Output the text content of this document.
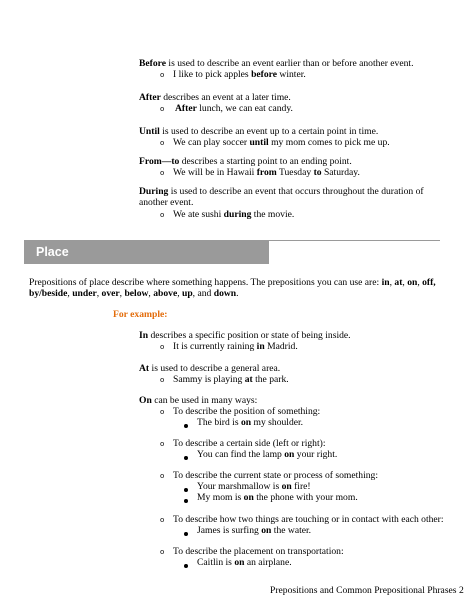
Before is used to describe an event earlier than or before another event.
o I like to pick apples before winter.
After describes an event at a later time.
o After lunch, we can eat candy.
Until is used to describe an event up to a certain point in time.
o We can play soccer until my mom comes to pick me up.
From—to describes a starting point to an ending point.
o We will be in Hawaii from Tuesday to Saturday.
During is used to describe an event that occurs throughout the duration of
another event.
o We ate sushi during the movie.
Place
Prepositions of place describe where something happens. The prepositions you can use are: in, at, on, off,
by/beside, under, over, below, above, up, and down.
For example:
In describes a specific position or state of being inside.
o It is currently raining in Madrid.
At is used to describe a general area.
o Sammy is playing at the park.
On can be used in many ways:
o To describe the position of something:
The bird is on my shoulder.
o To describe a certain side (left or right):
You can find the lamp on your right.
o To describe the current state or process of something:
Your marshmallow is on fire!
My mom is on the phone with your mom.
o To describe how two things are touching or in contact with each other:
James is surfing on the water.
o To describe the placement on transportation:
Caitlin is on an airplane.
Prepositions and Common Prepositional Phrases 2
